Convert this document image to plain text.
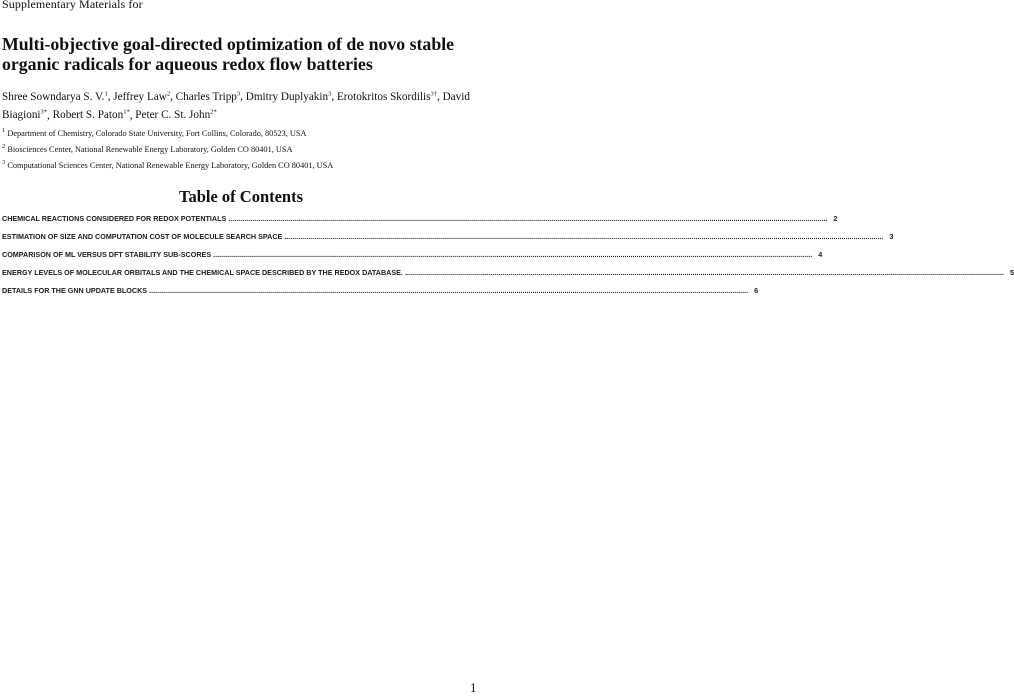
Supplementary Materials for
Multi-objective goal-directed optimization of de novo stable
organic radicals for aqueous redox flow batteries
Shree Sowndarya S. V.$^1$, Jeffrey Law$^2$, Charles Tripp$^3$, Dmitry Duplyakin$^3$, Erotokritos Skordilis$^{3\dagger}$, David Biagioni$^{3*}$, Robert S. Paton$^{1*}$, Peter C. St. John$^{2*}$
$^1$ Department of Chemistry, Colorado State University, Fort Collins, Colorado, 80523, USA
$^2$ Biosciences Center, National Renewable Energy Laboratory, Golden CO 80401, USA
$^3$ Computational Sciences Center, National Renewable Energy Laboratory, Golden CO 80401, USA
Table of Contents
CHEMICAL REACTIONS CONSIDERED FOR REDOX POTENTIALS ............................................................................................................................................................................................................................................................................................................ 2
ESTIMATION OF SIZE AND COMPUTATION COST OF MOLECULE SEARCH SPACE ............................................................................................................................................................................................................................................................................................................ 3
COMPARISON OF ML VERSUS DFT STABILITY SUB-SCORES ............................................................................................................................................................................................................................................................................................................ 4
ENERGY LEVELS OF MOLECULAR ORBITALS AND THE CHEMICAL SPACE DESCRIBED BY THE REDOX DATABASE. ............................................................................................................................................................................................................................................................................................................ 5
DETAILS FOR THE GNN UPDATE BLOCKS ............................................................................................................................................................................................................................................................................................................ 6
1
